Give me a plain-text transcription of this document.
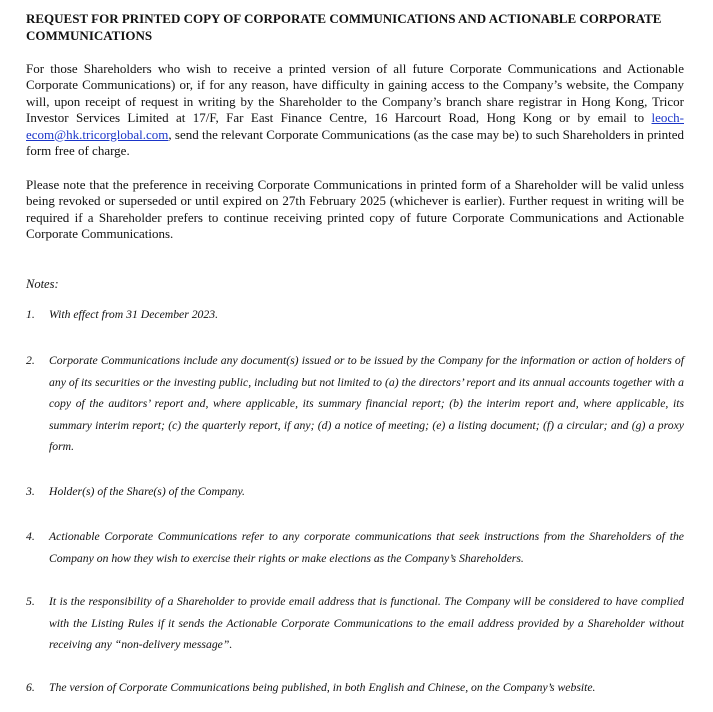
REQUEST FOR PRINTED COPY OF CORPORATE COMMUNICATIONS AND ACTIONABLE CORPORATE COMMUNICATIONS

For those Shareholders who wish to receive a printed version of all future Corporate Communications and Actionable Corporate Communications) or, if for any reason, have difficulty in gaining access to the Company’s website, the Company will, upon receipt of request in writing by the Shareholder to the Company’s branch share registrar in Hong Kong, Tricor Investor Services Limited at 17/F, Far East Finance Centre, 16 Harcourt Road, Hong Kong or by email to leoch-ecom@hk.tricorglobal.com, send the relevant Corporate Communications (as the case may be) to such Shareholders in printed form free of charge.

Please note that the preference in receiving Corporate Communications in printed form of a Shareholder will be valid unless being revoked or superseded or until expired on 27th February 2025 (whichever is earlier). Further request in writing will be required if a Shareholder prefers to continue receiving printed copy of future Corporate Communications and Actionable Corporate Communications.

Notes:

1.	With effect from 31 December 2023.
2.	Corporate Communications include any document(s) issued or to be issued by the Company for the information or action of holders of any of its securities or the investing public, including but not limited to (a) the directors’ report and its annual accounts together with a copy of the auditors’ report and, where applicable, its summary financial report; (b) the interim report and, where applicable, its summary interim report; (c) the quarterly report, if any; (d) a notice of meeting; (e) a listing document; (f) a circular; and (g) a proxy form.
3.	Holder(s) of the Share(s) of the Company.
4.	Actionable Corporate Communications refer to any corporate communications that seek instructions from the Shareholders of the Company on how they wish to exercise their rights or make elections as the Company’s Shareholders.
5.	It is the responsibility of a Shareholder to provide email address that is functional. The Company will be considered to have complied with the Listing Rules if it sends the Actionable Corporate Communications to the email address provided by a Shareholder without receiving any “non-delivery message”.
6.	The version of Corporate Communications being published, in both English and Chinese, on the Company’s website.
